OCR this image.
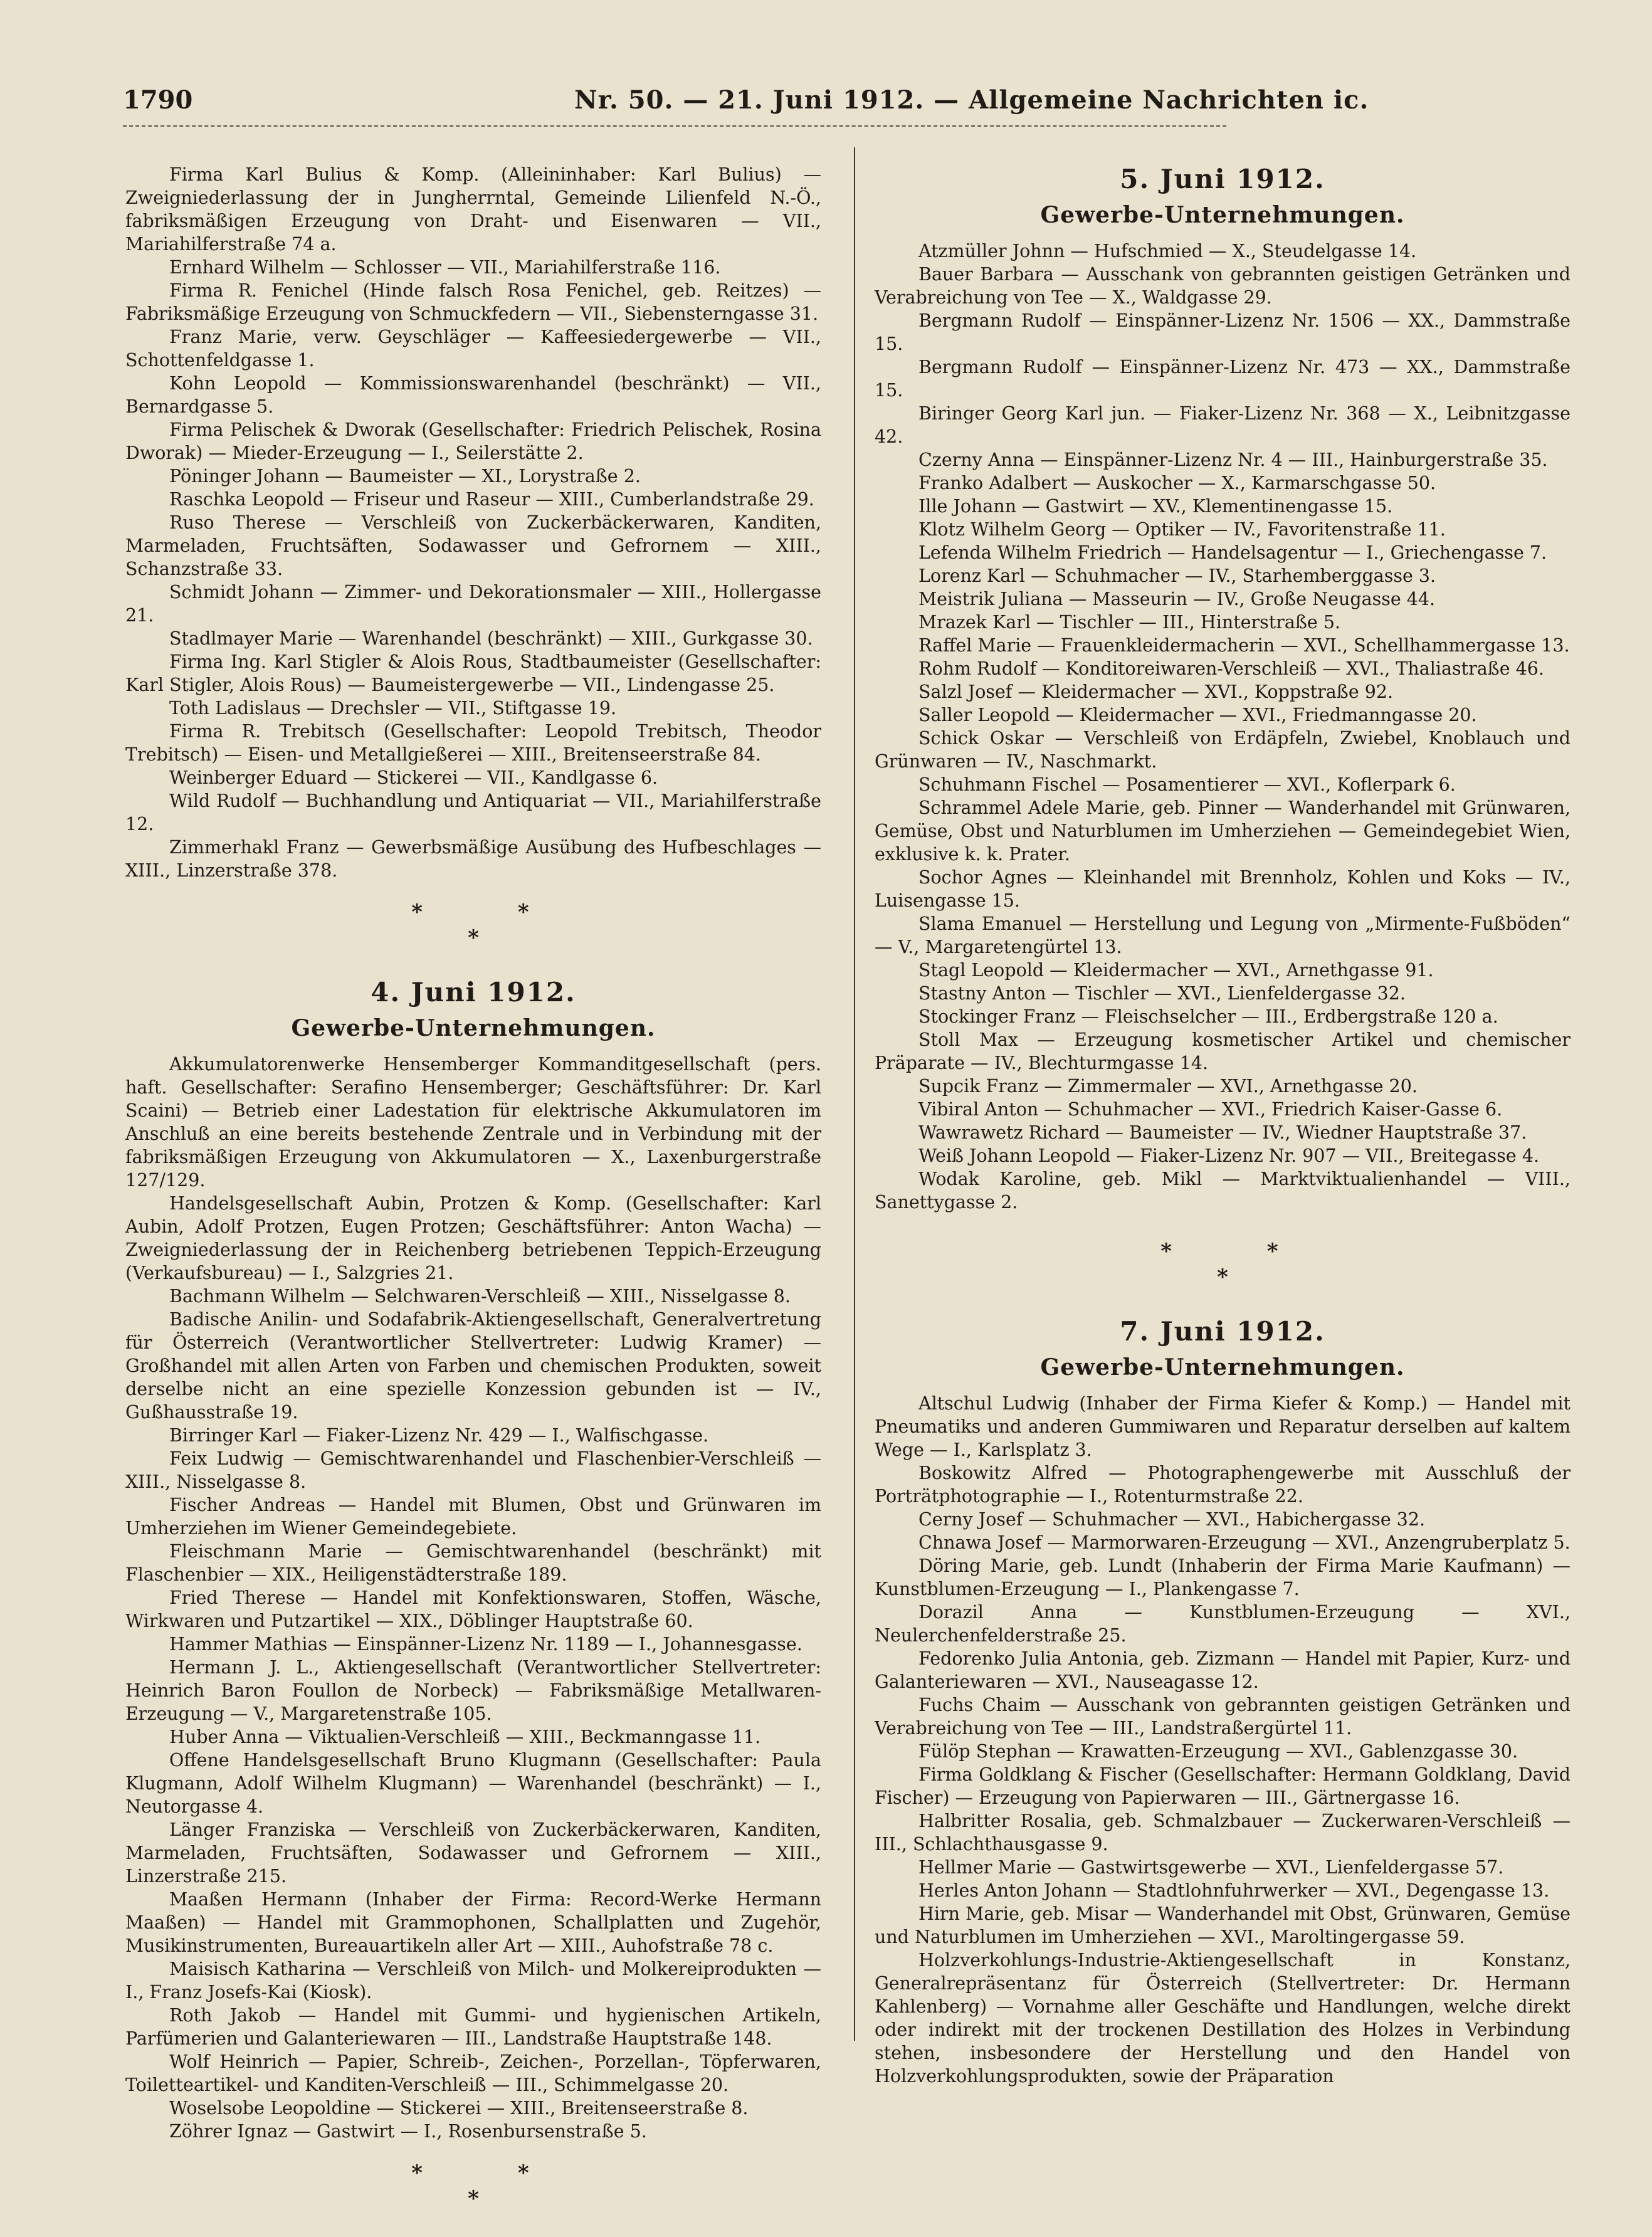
1790	Nr. 50. — 21. Juni 1912. — Allgemeine Nachrichten ic.

Firma Karl Bulius & Komp. (Alleininhaber: Karl Bulius) — Zweigniederlassung der in Jungherrntal, Gemeinde Lilienfeld N.-Ö., fabriksmäßigen Erzeugung von Draht- und Eisenwaren — VII., Mariahilferstraße 74 a.

Ernhard Wilhelm — Schlosser — VII., Mariahilferstraße 116.

Firma R. Fenichel (Hinde falsch Rosa Fenichel, geb. Reitzes) — Fabriksmäßige Erzeugung von Schmuckfedern — VII., Siebensterngasse 31.

Franz Marie, verw. Geyschläger — Kaffeesiedergewerbe — VII., Schottenfeldgasse 1.

Kohn Leopold — Kommissionswarenhandel (beschränkt) — VII., Bernardgasse 5.

Firma Pelischek & Dworak (Gesellschafter: Friedrich Pelischek, Rosina Dworak) — Mieder-Erzeugung — I., Seilerstätte 2.

Pöninger Johann — Baumeister — XI., Lorystraße 2.

Raschka Leopold — Friseur und Raseur — XIII., Cumberlandstraße 29.

Ruso Therese — Verschleiß von Zuckerbäckerwaren, Kanditen, Marmeladen, Fruchtsäften, Sodawasser und Gefrornem — XIII., Schanzstraße 33.

Schmidt Johann — Zimmer- und Dekorationsmaler — XIII., Hollergasse 21.

Stadlmayer Marie — Warenhandel (beschränkt) — XIII., Gurkgasse 30.

Firma Ing. Karl Stigler & Alois Rous, Stadtbaumeister (Gesellschafter: Karl Stigler, Alois Rous) — Baumeistergewerbe — VII., Lindengasse 25.

Toth Ladislaus — Drechsler — VII., Stiftgasse 19.

Firma R. Trebitsch (Gesellschafter: Leopold Trebitsch, Theodor Trebitsch) — Eisen- und Metallgießerei — XIII., Breitenseerstraße 84.

Weinberger Eduard — Stickerei — VII., Kandlgasse 6.

Wild Rudolf — Buchhandlung und Antiquariat — VII., Mariahilferstraße 12.

Zimmerhakl Franz — Gewerbsmäßige Ausübung des Hufbeschlages — XIII., Linzerstraße 378.

* *
*
4. Juni 1912.
Gewerbe-Unternehmungen.

Akkumulatorenwerke Hensemberger Kommanditgesellschaft (pers. haft. Gesellschafter: Serafino Hensemberger; Geschäftsführer: Dr. Karl Scaini) — Betrieb einer Ladestation für elektrische Akkumulatoren im Anschluß an eine bereits bestehende Zentrale und in Verbindung mit der fabriksmäßigen Erzeugung von Akkumulatoren — X., Laxenburgerstraße 127/129.

Handelsgesellschaft Aubin, Protzen & Komp. (Gesellschafter: Karl Aubin, Adolf Protzen, Eugen Protzen; Geschäftsführer: Anton Wacha) — Zweigniederlassung der in Reichenberg betriebenen Teppich-Erzeugung (Verkaufsbureau) — I., Salzgries 21.

Bachmann Wilhelm — Selchwaren-Verschleiß — XIII., Nisselgasse 8.

Badische Anilin- und Sodafabrik-Aktiengesellschaft, Generalvertretung für Österreich (Verantwortlicher Stellvertreter: Ludwig Kramer) — Großhandel mit allen Arten von Farben und chemischen Produkten, soweit derselbe nicht an eine spezielle Konzession gebunden ist — IV., Gußhausstraße 19.

Birringer Karl — Fiaker-Lizenz Nr. 429 — I., Walfischgasse.

Feix Ludwig — Gemischtwarenhandel und Flaschenbier-Verschleiß — XIII., Nisselgasse 8.

Fischer Andreas — Handel mit Blumen, Obst und Grünwaren im Umherziehen im Wiener Gemeindegebiete.

Fleischmann Marie — Gemischtwarenhandel (beschränkt) mit Flaschenbier — XIX., Heiligenstädterstraße 189.

Fried Therese — Handel mit Konfektionswaren, Stoffen, Wäsche, Wirkwaren und Putzartikel — XIX., Döblinger Hauptstraße 60.

Hammer Mathias — Einspänner-Lizenz Nr. 1189 — I., Johannesgasse.

Hermann J. L., Aktiengesellschaft (Verantwortlicher Stellvertreter: Heinrich Baron Foullon de Norbeck) — Fabriksmäßige Metallwaren-Erzeugung — V., Margaretenstraße 105.

Huber Anna — Viktualien-Verschleiß — XIII., Beckmanngasse 11.

Offene Handelsgesellschaft Bruno Klugmann (Gesellschafter: Paula Klugmann, Adolf Wilhelm Klugmann) — Warenhandel (beschränkt) — I., Neutorgasse 4.

Länger Franziska — Verschleiß von Zuckerbäckerwaren, Kanditen, Marmeladen, Fruchtsäften, Sodawasser und Gefrornem — XIII., Linzerstraße 215.

Maaßen Hermann (Inhaber der Firma: Record-Werke Hermann Maaßen) — Handel mit Grammophonen, Schallplatten und Zugehör, Musikinstrumenten, Bureauartikeln aller Art — XIII., Auhofstraße 78 c.

Maisisch Katharina — Verschleiß von Milch- und Molkereiprodukten — I., Franz Josefs-Kai (Kiosk).

Roth Jakob — Handel mit Gummi- und hygienischen Artikeln, Parfümerien und Galanteriewaren — III., Landstraße Hauptstraße 148.

Wolf Heinrich — Papier, Schreib-, Zeichen-, Porzellan-, Töpferwaren, Toilettеartikel- und Kanditen-Verschleiß — III., Schimmelgasse 20.

Woselsobe Leopoldine — Stickerei — XIII., Breitenseerstraße 8.

Zöhrer Ignaz — Gastwirt — I., Rosenbursenstraße 5.

* *
*
5. Juni 1912.
Gewerbe-Unternehmungen.

Atzmüller Johnn — Hufschmied — X., Steudelgasse 14.

Bauer Barbara — Ausschank von gebrannten geistigen Getränken und Verabreichung von Tee — X., Waldgasse 29.

Bergmann Rudolf — Einspänner-Lizenz Nr. 1506 — XX., Dammstraße 15.

Bergmann Rudolf — Einspänner-Lizenz Nr. 473 — XX., Dammstraße 15.

Biringer Georg Karl jun. — Fiaker-Lizenz Nr. 368 — X., Leibnitzgasse 42.

Czerny Anna — Einspänner-Lizenz Nr. 4 — III., Hainburgerstraße 35.

Franko Adalbert — Auskocher — X., Karmarschgasse 50.

Ille Johann — Gastwirt — XV., Klementinengasse 15.

Klotz Wilhelm Georg — Optiker — IV., Favoritenstraße 11.

Lefenda Wilhelm Friedrich — Handelsagentur — I., Griechengasse 7.

Lorenz Karl — Schuhmacher — IV., Starhemberggasse 3.

Meistrik Juliana — Masseurin — IV., Große Neugasse 44.

Mrazek Karl — Tischler — III., Hinterstraße 5.

Raffel Marie — Frauenkleidermacherin — XVI., Schellhammergasse 13.

Rohm Rudolf — Konditoreiwaren-Verschleiß — XVI., Thaliastraße 46.

Salzl Josef — Kleidermacher — XVI., Koppstraße 92.

Saller Leopold — Kleidermacher — XVI., Friedmanngasse 20.

Schick Oskar — Verschleiß von Erdäpfeln, Zwiebel, Knoblauch und Grünwaren — IV., Naschmarkt.

Schuhmann Fischel — Posamentierer — XVI., Koflerpark 6.

Schrammel Adele Marie, geb. Pinner — Wanderhandel mit Grünwaren, Gemüse, Obst und Naturblumen im Umherziehen — Gemeindegebiet Wien, exklusive k. k. Prater.

Sochor Agnes — Kleinhandel mit Brennholz, Kohlen und Koks — IV., Luisengasse 15.

Slama Emanuel — Herstellung und Legung von „Mirmente-Fußböden“ — V., Margaretengürtel 13.

Stagl Leopold — Kleidermacher — XVI., Arnethgasse 91.

Stastny Anton — Tischler — XVI., Lienfeldergasse 32.

Stockinger Franz — Fleischselcher — III., Erdbergstraße 120 a.

Stoll Max — Erzeugung kosmetischer Artikel und chemischer Präparate — IV., Blechturmgasse 14.

Supcik Franz — Zimmermaler — XVI., Arnethgasse 20.

Vibiral Anton — Schuhmacher — XVI., Friedrich Kaiser-Gasse 6.

Wawrawetz Richard — Baumeister — IV., Wiedner Hauptstraße 37.

Weiß Johann Leopold — Fiaker-Lizenz Nr. 907 — VII., Breitegasse 4.

Wodak Karoline, geb. Mikl — Marktviktualienhandel — VIII., Sanettygasse 2.

* *
*
7. Juni 1912.
Gewerbe-Unternehmungen.

Altschul Ludwig (Inhaber der Firma Kiefer & Komp.) — Handel mit Pneumatiks und anderen Gummiwaren und Reparatur derselben auf kaltem Wege — I., Karlsplatz 3.

Boskowitz Alfred — Photographengewerbe mit Ausschluß der Porträtphotographie — I., Rotenturmstraße 22.

Cerny Josef — Schuhmacher — XVI., Habichergasse 32.

Chnawa Josef — Marmorwaren-Erzeugung — XVI., Anzengruberplatz 5.

Döring Marie, geb. Lundt (Inhaberin der Firma Marie Kaufmann) — Kunstblumen-Erzeugung — I., Plankengasse 7.

Dorazil Anna — Kunstblumen-Erzeugung — XVI., Neulerchenfelderstraße 25.

Fedorenko Julia Antonia, geb. Zizmann — Handel mit Papier, Kurz- und Galanteriewaren — XVI., Nauseagasse 12.

Fuchs Chaim — Ausschank von gebrannten geistigen Getränken und Verabreichung von Tee — III., Landstraßergürtel 11.

Fülöp Stephan — Krawatten-Erzeugung — XVI., Gablenzgasse 30.

Firma Goldklang & Fischer (Gesellschafter: Hermann Goldklang, David Fischer) — Erzeugung von Papierwaren — III., Gärtnergasse 16.

Halbritter Rosalia, geb. Schmalzbauer — Zuckerwaren-Verschleiß — III., Schlachthausgasse 9.

Hellmer Marie — Gastwirtsgewerbe — XVI., Lienfeldergasse 57.

Herles Anton Johann — Stadtlohnfuhrwerker — XVI., Degengasse 13.

Hirn Marie, geb. Misar — Wanderhandel mit Obst, Grünwaren, Gemüse und Naturblumen im Umherziehen — XVI., Maroltingergasse 59.

Holzverkohlungs-Industrie-Aktiengesellschaft in Konstanz, Generalrepräsentanz für Österreich (Stellvertreter: Dr. Hermann Kahlenberg) — Vornahme aller Geschäfte und Handlungen, welche direkt oder indirekt mit der trockenen Destillation des Holzes in Verbindung stehen, insbesondere der Herstellung und den Handel von Holzverkohlungsprodukten, sowie der Präparation
